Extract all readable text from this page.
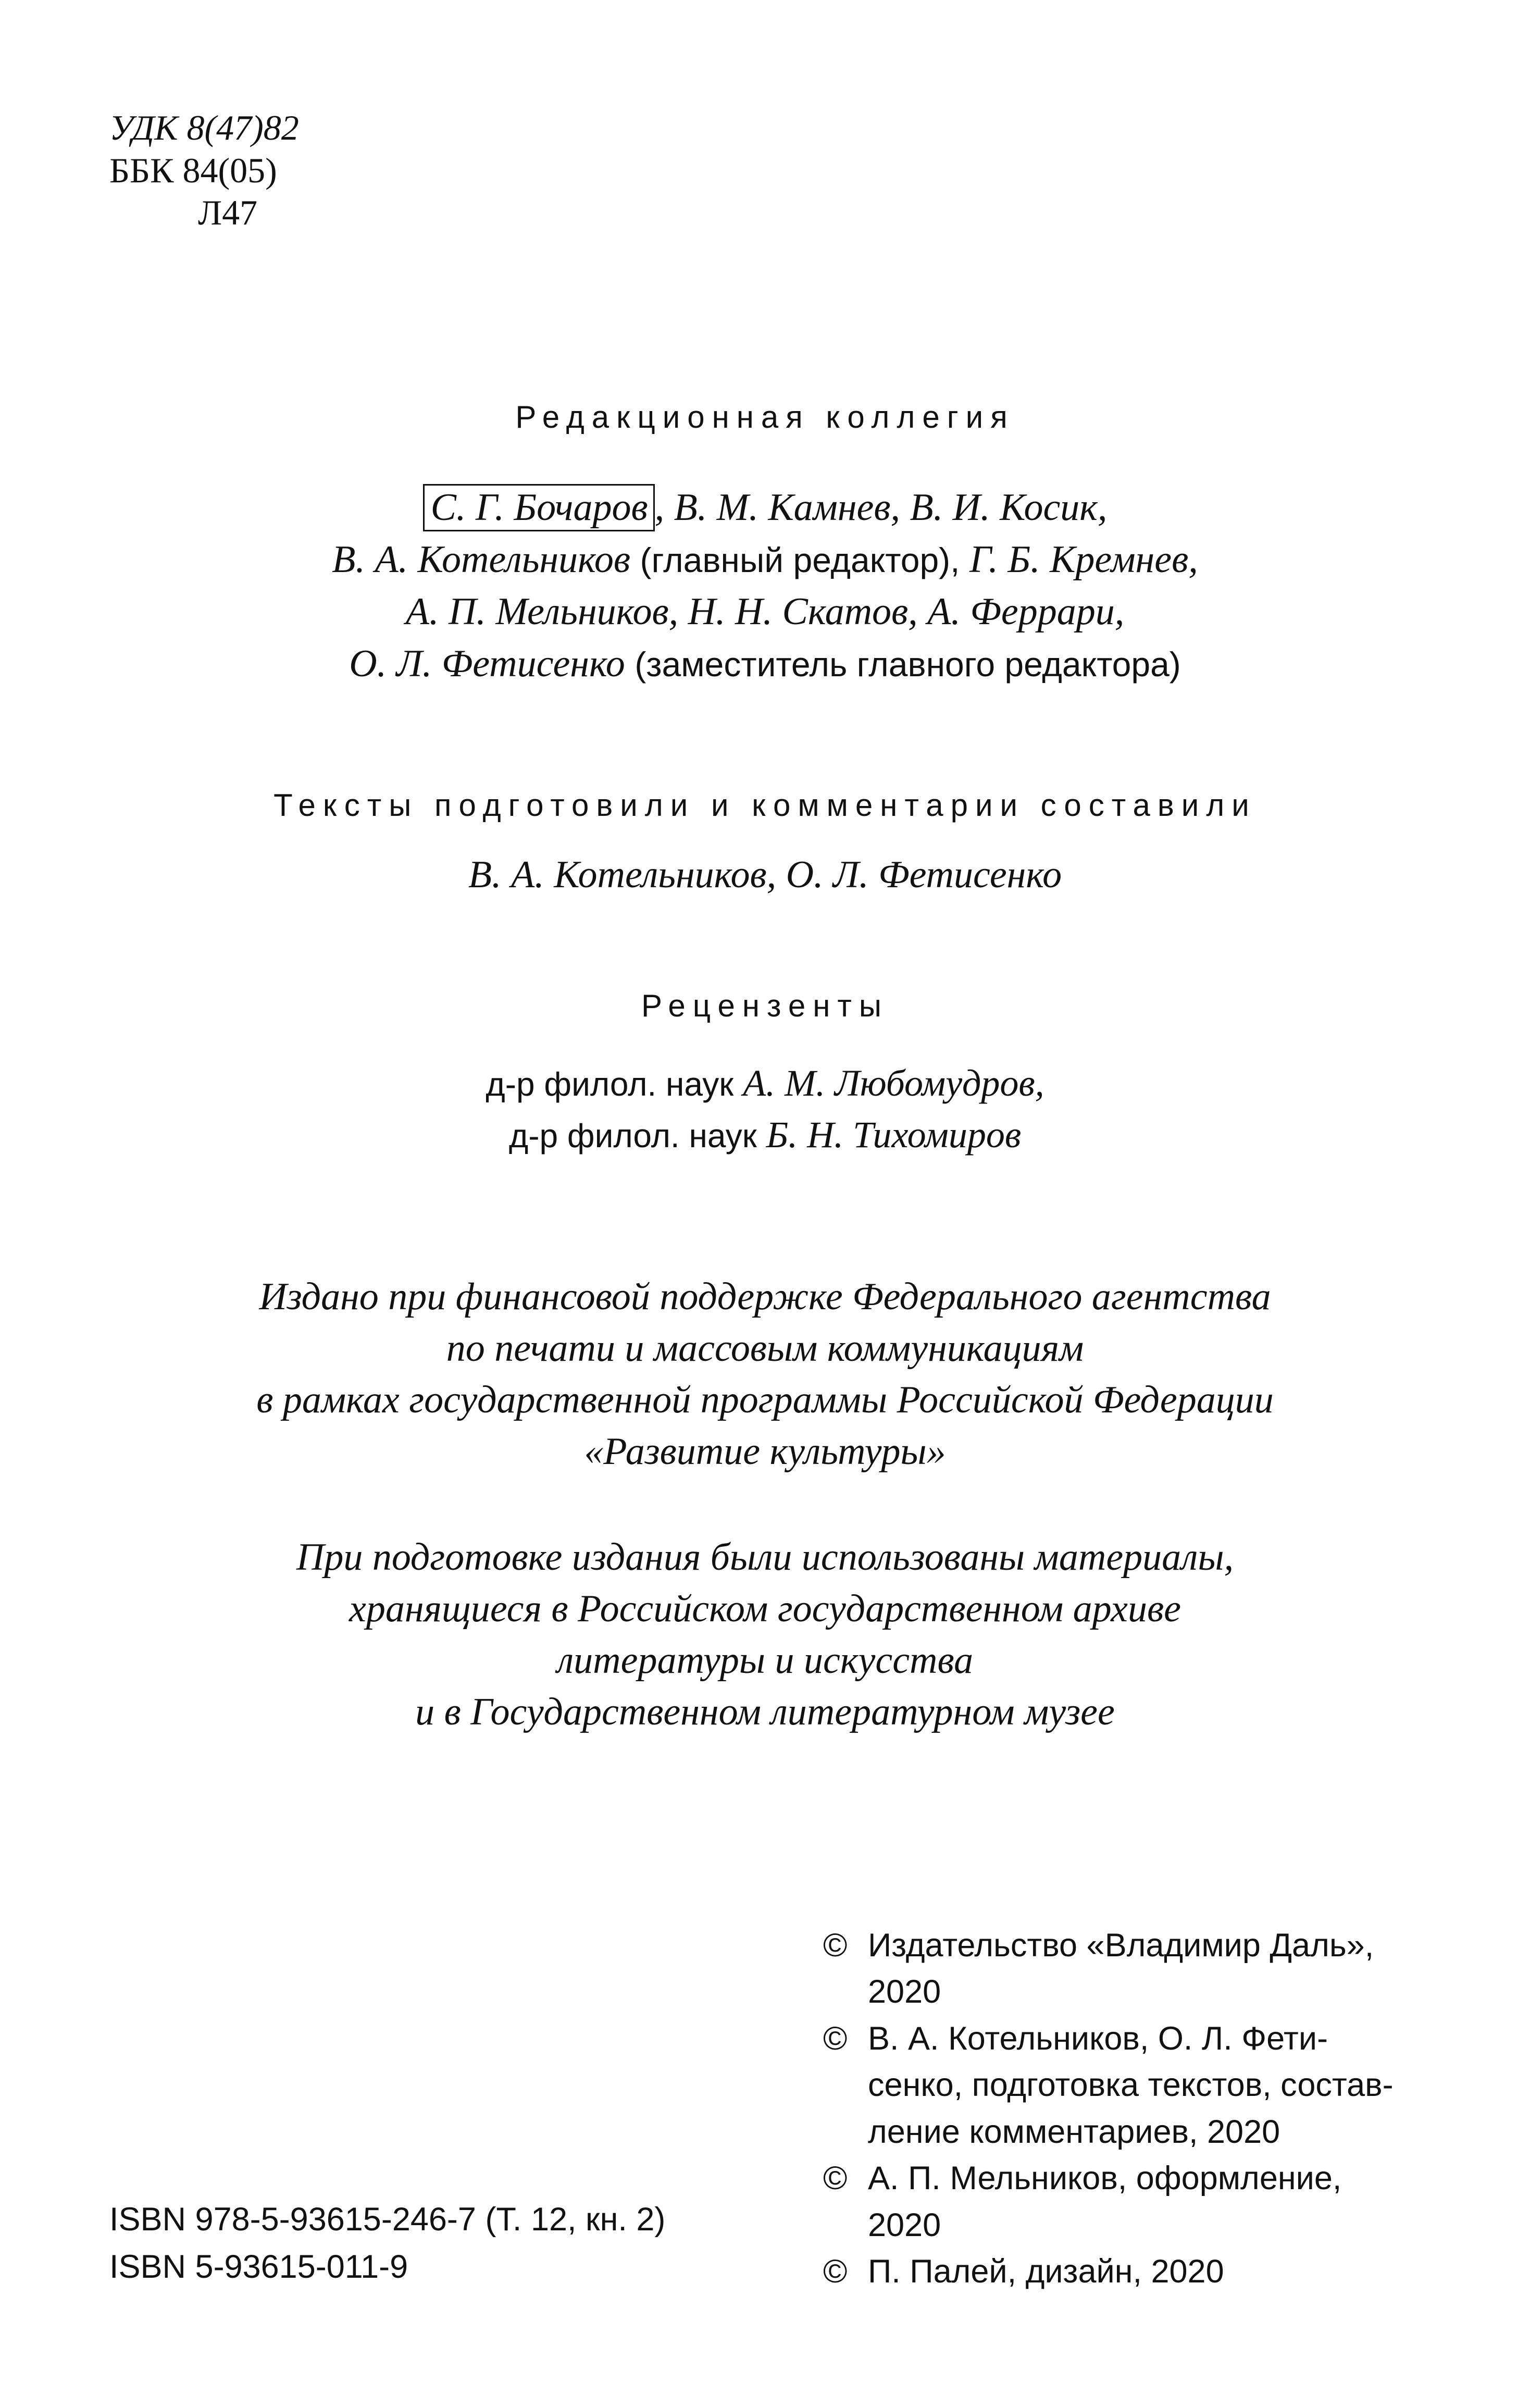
УДК 8(47)82
ББК 84(05)
Л47
Редакционная коллегия
С. Г. Бочаров , В. М. Камнев, В. И. Косик,
В. А. Котельников (главный редактор), Г. Б. Кремнев,
А. П. Мельников, Н. Н. Скатов, А. Феррари,
О. Л. Фетисенко (заместитель главного редактора)
Тексты подготовили и комментарии составили
В. А. Котельников, О. Л. Фетисенко
Рецензенты
д-р филол. наук А. М. Любомудров,
д-р филол. наук Б. Н. Тихомиров
Издано при финансовой поддержке Федерального агентства
по печати и массовым коммуникациям
в рамках государственной программы Российской Федерации
«Развитие культуры»
При подготовке издания были использованы материалы,
хранящиеся в Российском государственном архиве
литературы и искусства
и в Государственном литературном музее
© Издательство «Владимир Даль»,
2020
© В. А. Котельников, О. Л. Фети-
сенко, подготовка текстов, состав-
ление комментариев, 2020
© А. П. Мельников, оформление,
2020
© П. Палей, дизайн, 2020
ISBN 978-5-93615-246-7 (Т. 12, кн. 2)
ISBN 5-93615-011-9
